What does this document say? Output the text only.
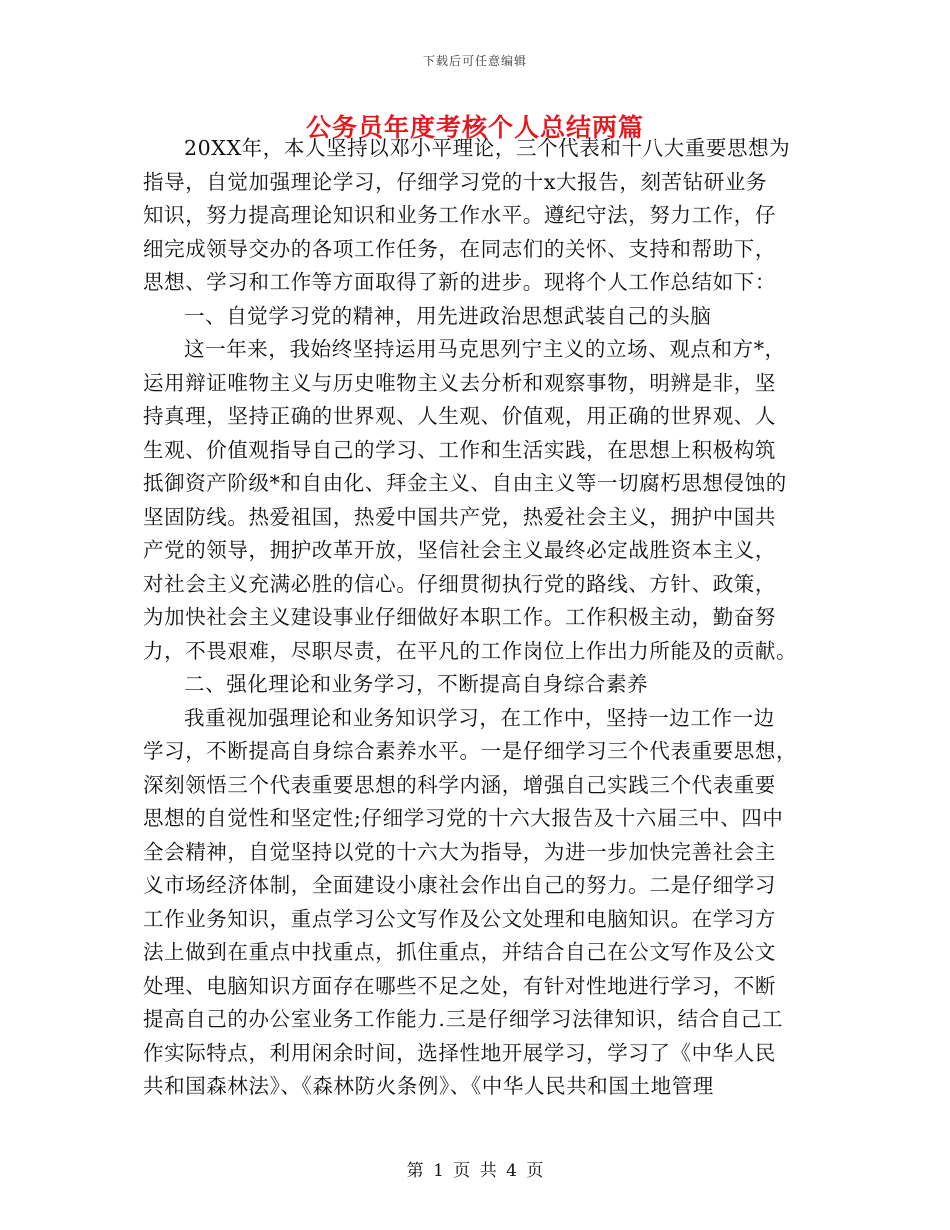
下载后可任意编辑
公务员年度考核个人总结两篇
20XX年，本人坚持以邓小平理论，三个代表和十八大重要思想为
指导，自觉加强理论学习，仔细学习党的十x大报告，刻苦钻研业务
知识，努力提高理论知识和业务工作水平。遵纪守法，努力工作，仔
细完成领导交办的各项工作任务，在同志们的关怀、支持和帮助下，
思想、学习和工作等方面取得了新的进步。现将个人工作总结如下：
一、自觉学习党的精神，用先进政治思想武装自己的头脑
这一年来，我始终坚持运用马克思列宁主义的立场、观点和方*，
运用辩证唯物主义与历史唯物主义去分析和观察事物，明辨是非，坚
持真理，坚持正确的世界观、人生观、价值观，用正确的世界观、人
生观、价值观指导自己的学习、工作和生活实践，在思想上积极构筑
抵御资产阶级*和自由化、拜金主义、自由主义等一切腐朽思想侵蚀的
坚固防线。热爱祖国，热爱中国共产党，热爱社会主义，拥护中国共
产党的领导，拥护改革开放，坚信社会主义最终必定战胜资本主义，
对社会主义充满必胜的信心。仔细贯彻执行党的路线、方针、政策，
为加快社会主义建设事业仔细做好本职工作。工作积极主动，勤奋努
力，不畏艰难，尽职尽责，在平凡的工作岗位上作出力所能及的贡献。
二、强化理论和业务学习，不断提高自身综合素养
我重视加强理论和业务知识学习，在工作中，坚持一边工作一边
学习，不断提高自身综合素养水平。一是仔细学习三个代表重要思想，
深刻领悟三个代表重要思想的科学内涵，增强自己实践三个代表重要
思想的自觉性和坚定性;仔细学习党的十六大报告及十六届三中、四中
全会精神，自觉坚持以党的十六大为指导，为进一步加快完善社会主
义市场经济体制，全面建设小康社会作出自己的努力。二是仔细学习
工作业务知识，重点学习公文写作及公文处理和电脑知识。在学习方
法上做到在重点中找重点，抓住重点，并结合自己在公文写作及公文
处理、电脑知识方面存在哪些不足之处，有针对性地进行学习，不断
提高自己的办公室业务工作能力.三是仔细学习法律知识，结合自己工
作实际特点，利用闲余时间，选择性地开展学习，学习了《中华人民
共和国森林法》、《森林防火条例》、《中华人民共和国土地管理
第 1 页 共 4 页
